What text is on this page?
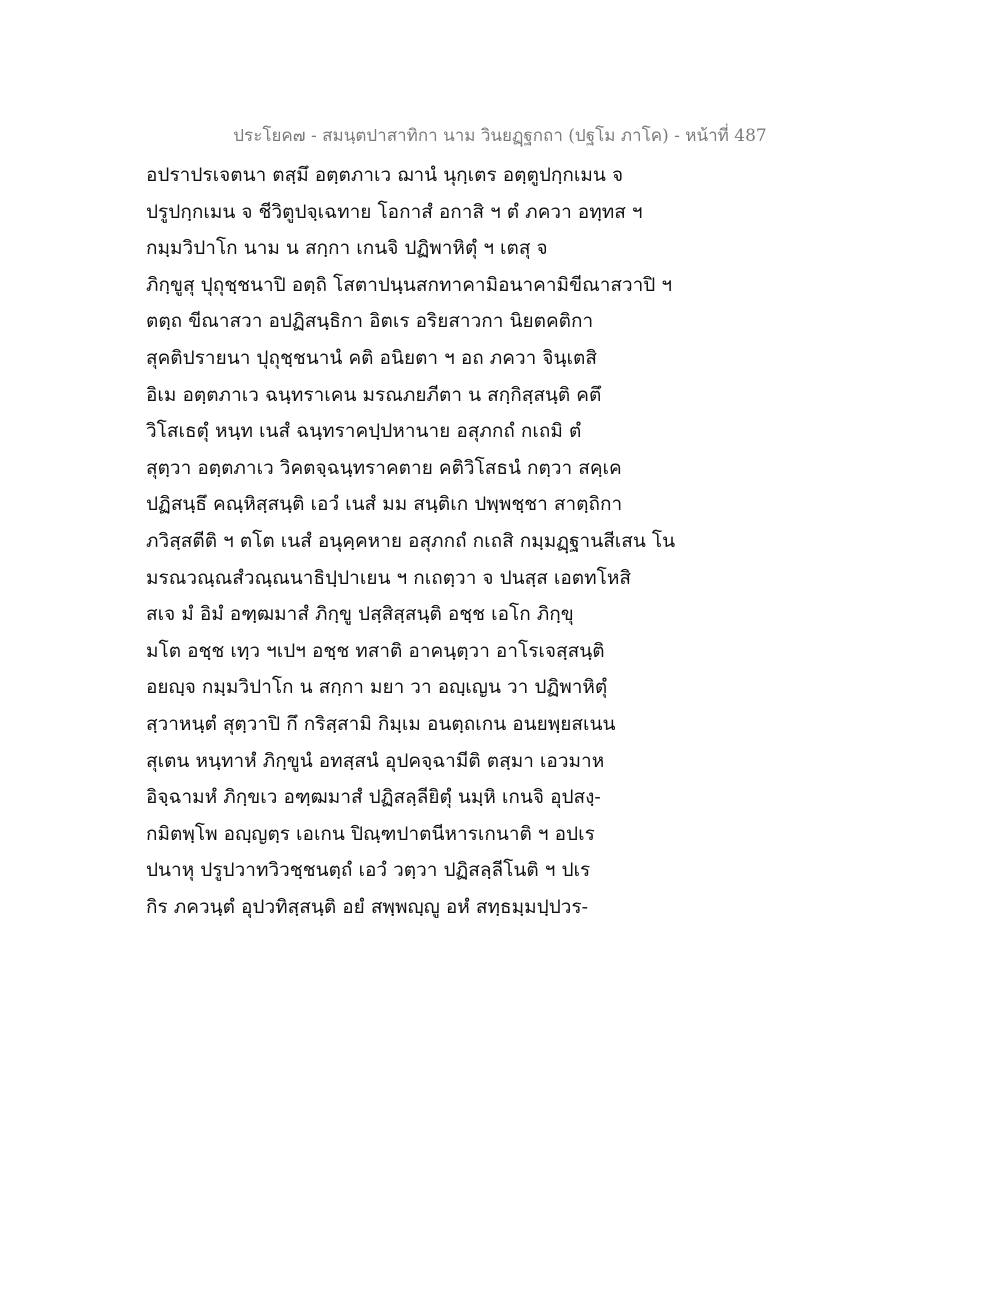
ประโยค๗ - สมนฺตปาสาทิกา นาม วินยฏฺฐกถา (ปฐโม ภาโค) - หน้าที่ 487
อปราปรเจตนา ตสฺมึ อตฺตภาเว ฌานํ นุกฺเตร อตฺตูปกฺกเมน จ
ปรูปกฺกเมน จ ชีวิตูปจฺเฉทาย โอกาสํ อกาสิ ฯ ตํ ภควา อทฺทส ฯ
กมฺมวิปาโก นาม น สกฺกา เกนจิ ปฏิพาหิตุํ ฯ เตสุ จ
ภิกฺขูสุ ปุถุชฺชนาปิ อตฺถิ โสตาปนฺนสกทาคามิอนาคามิขีณาสวาปิ ฯ
ตตฺถ ขีณาสวา อปฏิสนฺธิกา อิตเร อริยสาวกา นิยตคติกา
สุคติปรายนา ปุถุชฺชนานํ คติ อนิยตา ฯ อถ ภควา จินฺเตสิ
อิเม อตฺตภาเว ฉนฺทราเคน มรณภยภีตา น สกฺกิสฺสนฺติ คตึ
วิโสเธตุํ หนฺท เนสํ ฉนฺทราคปฺปหานาย อสุภกถํ กเถมิ ตํ
สุตฺวา อตฺตภาเว วิคตจฺฉนฺทราคตาย คติวิโสธนํ กตฺวา สคฺเค
ปฏิสนฺธึ คณฺหิสฺสนฺติ เอวํ เนสํ มม สนฺติเก ปพฺพชฺชา สาตฺถิกา
ภวิสฺสตีติ ฯ ตโต เนสํ อนุคฺคหาย อสุภกถํ กเถสิ กมฺมฏฺฐานสีเสน โน
มรณวณฺณสํวณฺณนาธิปฺปาเยน ฯ กเถตฺวา จ ปนสฺส เอตทโหสิ
สเจ มํ อิมํ อฑฺฒมาสํ ภิกฺขู ปสฺสิสฺสนฺติ อชฺช เอโก ภิกฺขุ
มโต อชฺช เทฺว ฯเปฯ อชฺช ทสาติ อาคนฺตฺวา อาโรเจสฺสนฺติ
อยญฺจ กมฺมวิปาโก น สกฺกา มยา วา อญฺเญน วา ปฏิพาหิตุํ
สฺวาหนฺตํ สุตฺวาปิ กึ กริสฺสามิ กิมฺเม อนตฺถเกน อนยพฺยสเนน
สุเตน หนฺทาหํ ภิกฺขูนํ อทสฺสนํ อุปคจฺฉามีติ ตสฺมา เอวมาห
อิจฺฉามหํ ภิกฺขเว อฑฺฒมาสํ ปฏิสลฺลียิตุํ นมฺหิ เกนจิ อุปสงฺ-
กมิตพฺโพ อญฺญตฺร เอเกน ปิณฺฑปาตนีหารเกนาติ ฯ อปเร
ปนาหุ ปรูปวาทวิวชฺชนตฺถํ เอวํ วตฺวา ปฏิสลฺลีโนติ ฯ ปเร
กิร ภควนฺตํ อุปวทิสฺสนฺติ อยํ สพฺพญฺญู อหํ สทฺธมฺมปฺปวร-
